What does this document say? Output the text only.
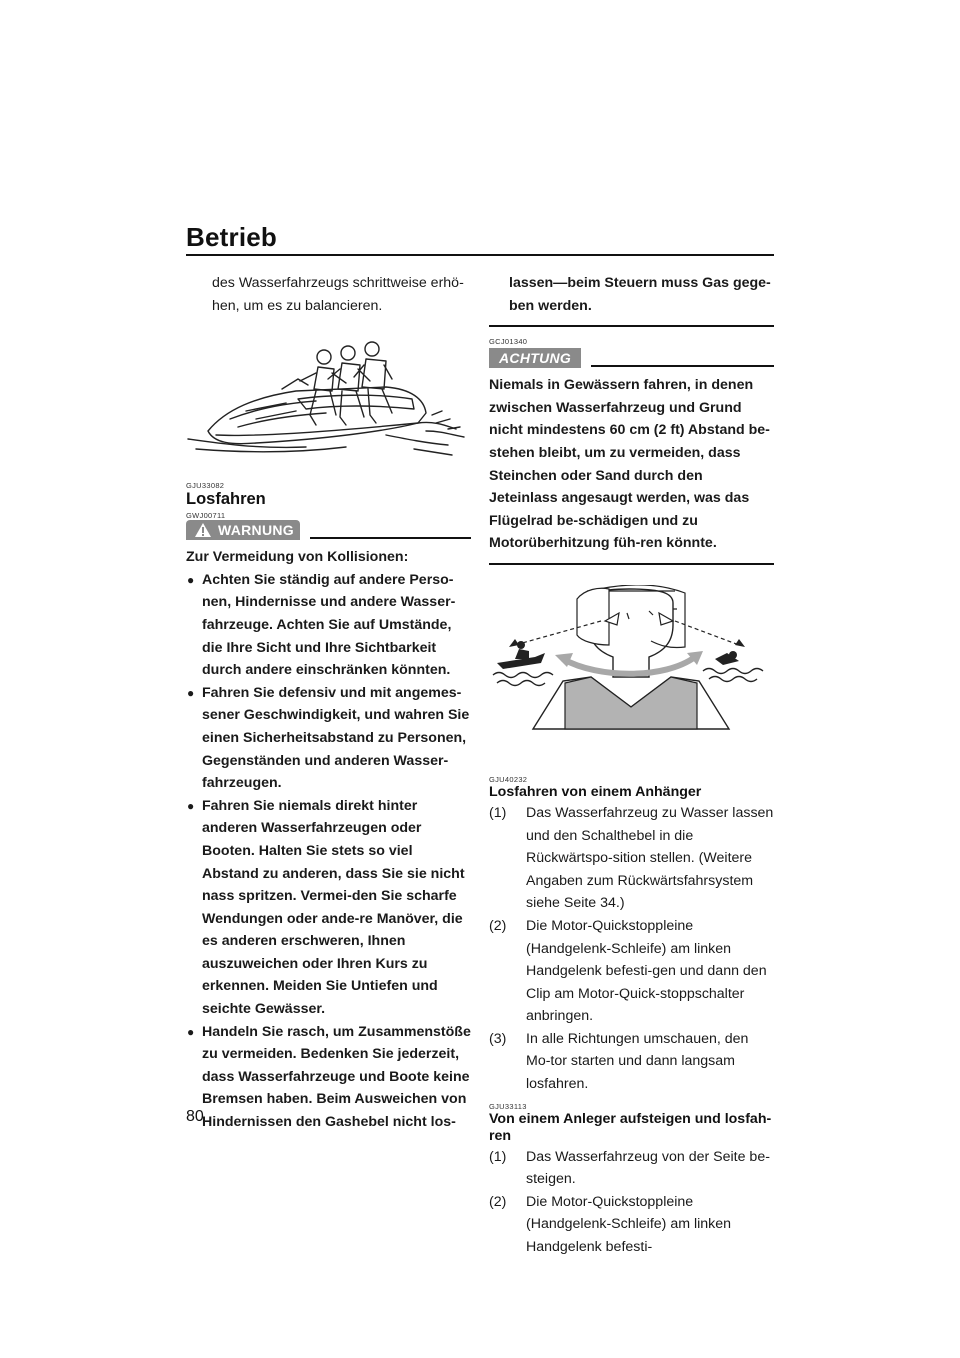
Betrieb

des Wasserfahrzeugs schrittweise erhö-hen, um es zu balancieren.

GJU33082
Losfahren
GWJ00711
WARNUNG

Zur Vermeidung von Kollisionen:

● Achten Sie ständig auf andere Perso-nen, Hindernisse und andere Wasser-fahrzeuge. Achten Sie auf Umstände, die Ihre Sicht und Ihre Sichtbarkeit durch andere einschränken könnten.
● Fahren Sie defensiv und mit angemes-sener Geschwindigkeit, und wahren Sie einen Sicherheitsabstand zu Personen, Gegenständen und anderen Wasser-fahrzeugen.
● Fahren Sie niemals direkt hinter anderen Wasserfahrzeugen oder Booten. Halten Sie stets so viel Abstand zu anderen, dass Sie sie nicht nass spritzen. Vermei-den Sie scharfe Wendungen oder ande-re Manöver, die es anderen erschweren, Ihnen auszuweichen oder Ihren Kurs zu erkennen. Meiden Sie Untiefen und seichte Gewässer.
● Handeln Sie rasch, um Zusammenstöße zu vermeiden. Bedenken Sie jederzeit, dass Wasserfahrzeuge und Boote keine Bremsen haben. Beim Ausweichen von Hindernissen den Gashebel nicht los-

lassen—beim Steuern muss Gas gege-ben werden.

GCJ01340
ACHTUNG

Niemals in Gewässern fahren, in denen zwischen Wasserfahrzeug und Grund nicht mindestens 60 cm (2 ft) Abstand be-stehen bleibt, um zu vermeiden, dass Steinchen oder Sand durch den Jeteinlass angesaugt werden, was das Flügelrad be-schädigen und zu Motorüberhitzung füh-ren könnte.

GJU40232
Losfahren von einem Anhänger
(1) Das Wasserfahrzeug zu Wasser lassen und den Schalthebel in die Rückwärtspo-sition stellen. (Weitere Angaben zum Rückwärtsfahrsystem siehe Seite 34.)
(2) Die Motor-Quickstoppleine (Handgelenk-Schleife) am linken Handgelenk befesti-gen und dann den Clip am Motor-Quick-stoppschalter anbringen.
(3) In alle Richtungen umschauen, den Mo-tor starten und dann langsam losfahren.
GJU33113
Von einem Anleger aufsteigen und losfah-ren
(1) Das Wasserfahrzeug von der Seite be-steigen.
(2) Die Motor-Quickstoppleine (Handgelenk-Schleife) am linken Handgelenk befesti-
80
